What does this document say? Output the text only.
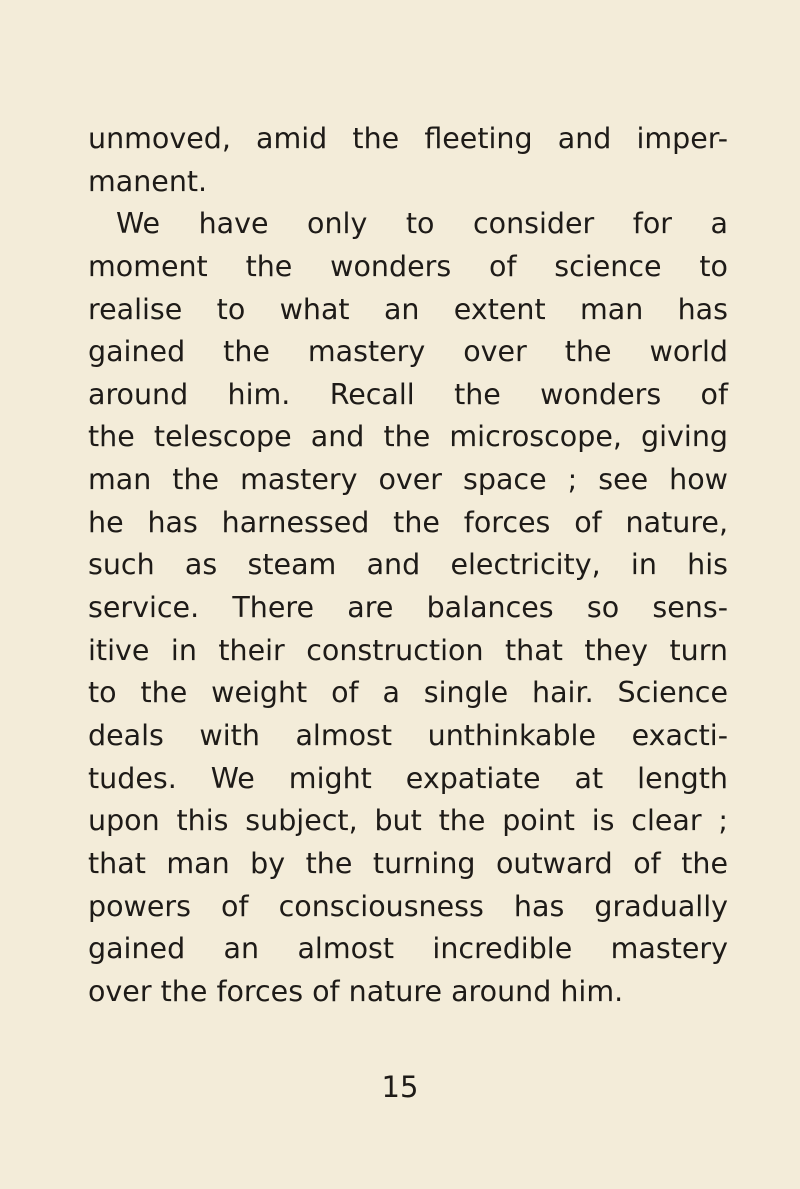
unmoved, amid the fleeting and imper-
manent.
We have only to consider for a
moment the wonders of science to
realise to what an extent man has
gained the mastery over the world
around him. Recall the wonders of
the telescope and the microscope, giving
man the mastery over space ; see how
he has harnessed the forces of nature,
such as steam and electricity, in his
service. There are balances so sens-
itive in their construction that they turn
to the weight of a single hair. Science
deals with almost unthinkable exacti-
tudes. We might expatiate at length
upon this subject, but the point is clear ;
that man by the turning outward of the
powers of consciousness has gradually
gained an almost incredible mastery
over the forces of nature around him.
15
